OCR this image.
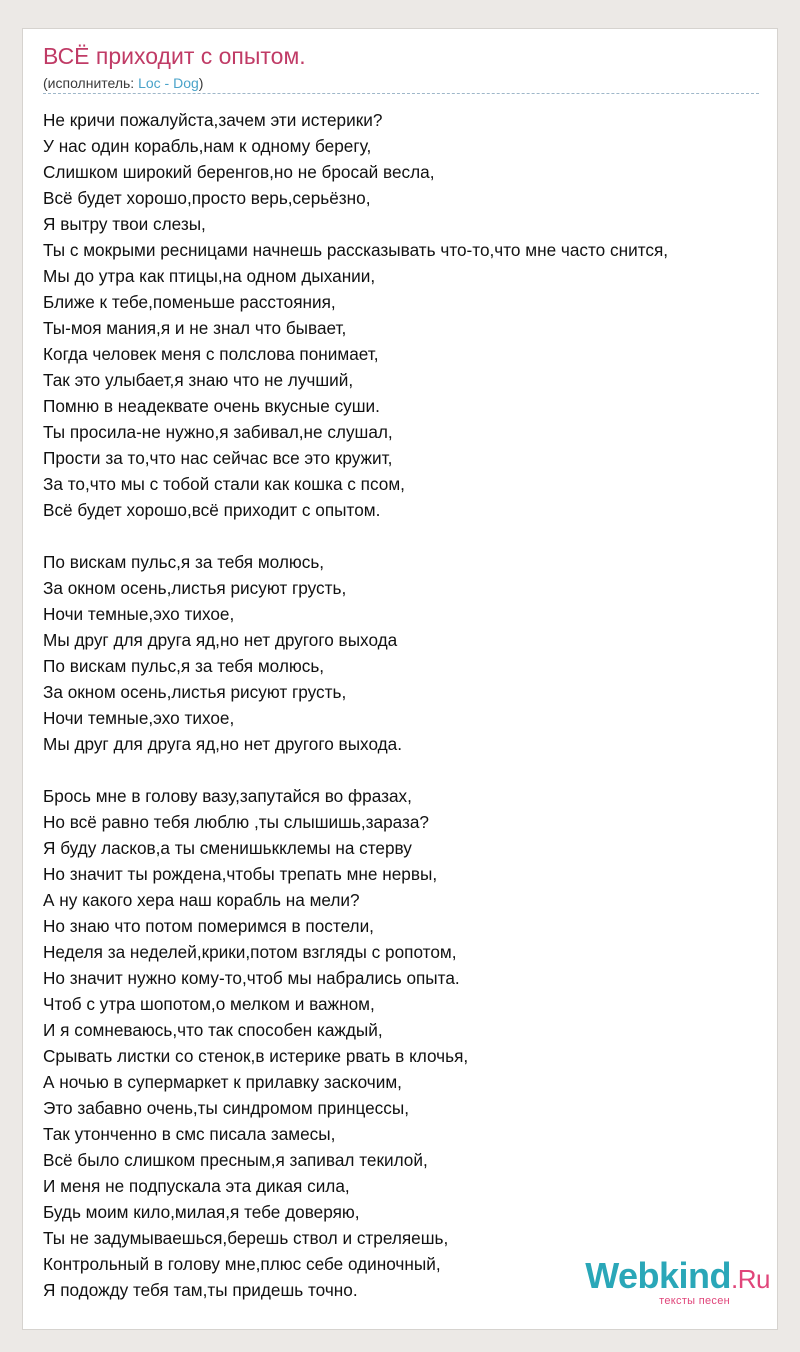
ВСЁ приходит с опытом.
(исполнитель: Loc - Dog)
Не кричи пожалуйста,зачем эти истерики?
У нас один корабль,нам к одному берегу,
Слишком широкий беренгов,но не бросай весла,
Всё будет хорошо,просто верь,серьёзно,
Я вытру твои слезы,
Ты с мокрыми ресницами начнешь рассказывать что-то,что мне часто снится,
Мы до утра как птицы,на одном дыхании,
Ближе к тебе,поменьше расстояния,
Ты-моя мания,я и не знал что бывает,
Когда человек меня с полслова понимает,
Так это улыбает,я знаю что не лучший,
Помню в неадеквате очень вкусные суши.
Ты просила-не нужно,я забивал,не слушал,
Прости за то,что нас сейчас все это кружит,
За то,что мы с тобой стали как кошка с псом,
Всё будет хорошо,всё приходит с опытом.
По вискам пульс,я за тебя молюсь,
За окном осень,листья рисуют грусть,
Ночи темные,эхо тихое,
Мы друг для друга яд,но нет другого выхода
По вискам пульс,я за тебя молюсь,
За окном осень,листья рисуют грусть,
Ночи темные,эхо тихое,
Мы друг для друга яд,но нет другого выхода.
Брось мне в голову вазу,запутайся во фразах,
Но всё равно тебя люблю ,ты слышишь,зараза?
Я буду ласков,а ты сменишькклемы на стерву
Но значит ты рождена,чтобы трепать мне нервы,
А ну какого хера наш корабль на мели?
Но знаю что потом померимся в постели,
Неделя за неделей,крики,потом взгляды с ропотом,
Но значит нужно кому-то,чтоб мы набрались опыта.
Чтоб с утра шопотом,о мелком и важном,
И я сомневаюсь,что так способен каждый,
Срывать листки со стенок,в истерике рвать в клочья,
А ночью в супермаркет к прилавку заскочим,
Это забавно очень,ты синдромом принцессы,
Так утонченно в смс писала замесы,
Всё было слишком пресным,я запивал текилой,
И меня не подпускала эта дикая сила,
Будь моим кило,милая,я тебе доверяю,
Ты не задумываешься,берешь ствол и стреляешь,
Контрольный в голову мне,плюс себе одиночный,
Я подожду тебя там,ты придешь точно.	Webkind.Ru
тексты песен
